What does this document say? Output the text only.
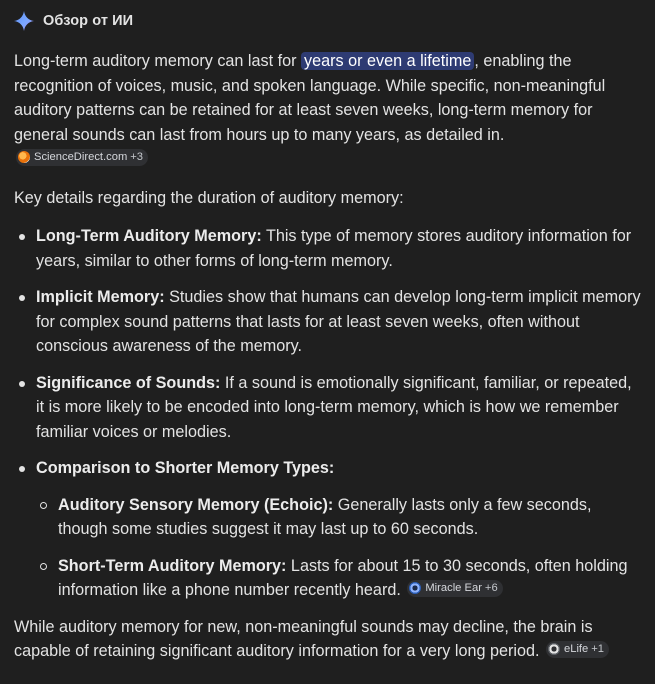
Обзор от ИИ

Long-term auditory memory can last for years or even a lifetime , enabling the recognition of voices, music, and spoken language. While specific, non-meaningful auditory patterns can be retained for at least seven weeks, long-term memory for general sounds can last from hours up to many years, as detailed in.
ScienceDirect.com +3

Key details regarding the duration of auditory memory:

Long-Term Auditory Memory: This type of memory stores auditory information for years, similar to other forms of long-term memory.
Implicit Memory: Studies show that humans can develop long-term implicit memory for complex sound patterns that lasts for at least seven weeks, often without conscious awareness of the memory.
Significance of Sounds: If a sound is emotionally significant, familiar, or repeated, it is more likely to be encoded into long-term memory, which is how we remember familiar voices or melodies.
Comparison to Shorter Memory Types:
Auditory Sensory Memory (Echoic): Generally lasts only a few seconds, though some studies suggest it may last up to 60 seconds.
Short-Term Auditory Memory: Lasts for about 15 to 30 seconds, often holding information like a phone number recently heard. Miracle Ear +6

While auditory memory for new, non-meaningful sounds may decline, the brain is capable of retaining significant auditory information for a very long period. eLife +1
